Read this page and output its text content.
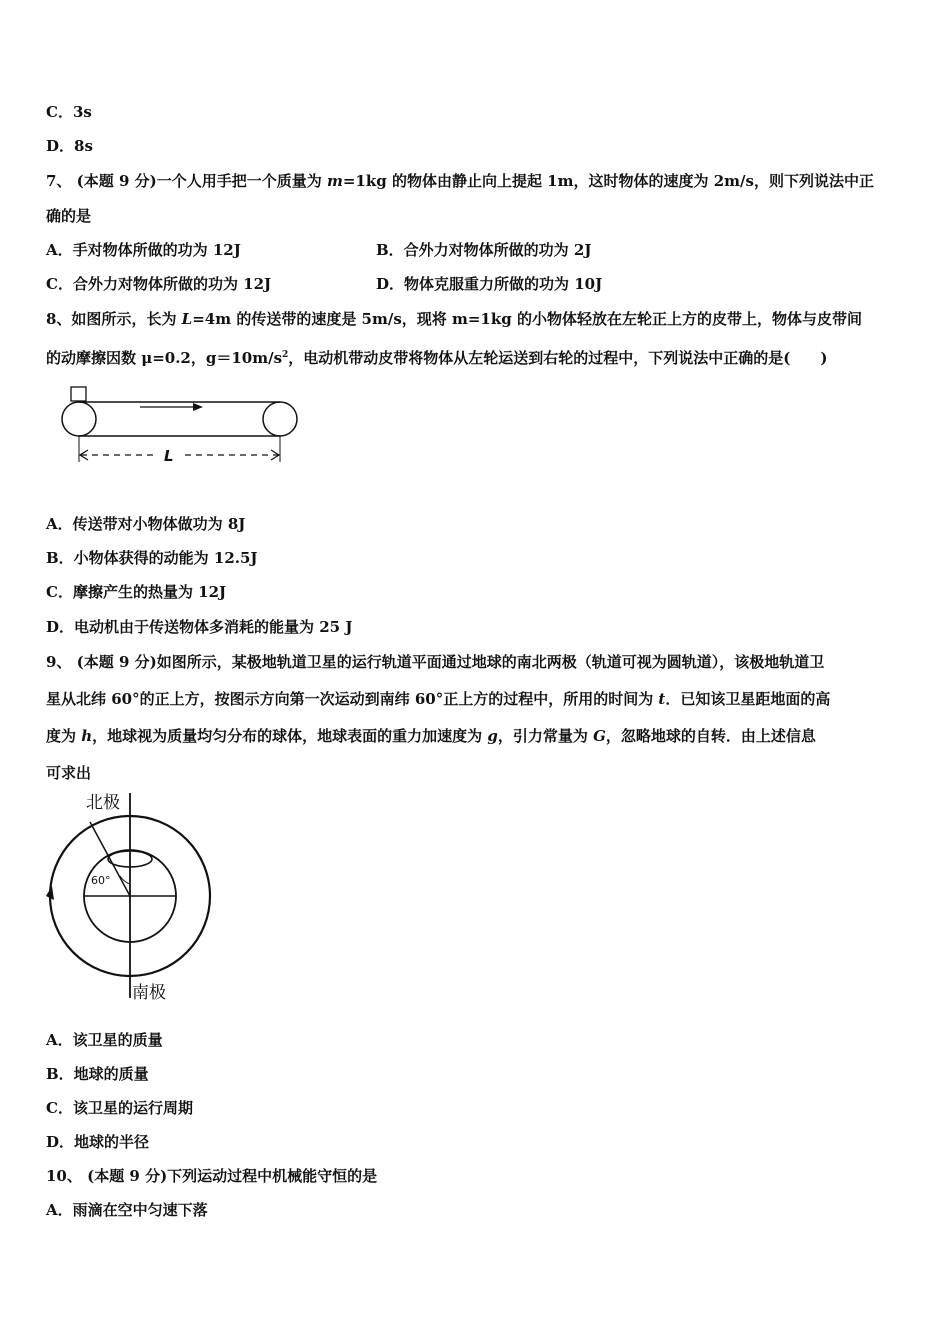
C．3s
D．8s
7、 (本题 9 分)一个人用手把一个质量为 m=1kg 的物体由静止向上提起 1m，这时物体的速度为 2m/s，则下列说法中正
确的是
A．手对物体所做的功为 12J	B．合外力对物体所做的功为 2J
C．合外力对物体所做的功为 12J	D．物体克服重力所做的功为 10J
8、如图所示，长为 L=4m 的传送带的速度是 5m/s，现将 m=1kg 的小物体轻放在左轮正上方的皮带上，物体与皮带间
的动摩擦因数 μ=0.2，$g=10m/s^2$，电动机带动皮带将物体从左轮运送到右轮的过程中，下列说法中正确的是(　　)
L
A．传送带对小物体做功为 8J
B．小物体获得的动能为 12.5J
C．摩擦产生的热量为 12J
D．电动机由于传送物体多消耗的能量为 25 J
9、 (本题 9 分)如图所示，某极地轨道卫星的运行轨道平面通过地球的南北两极（轨道可视为圆轨道），该极地轨道卫
星从北纬 60°的正上方，按图示方向第一次运动到南纬 60°正上方的过程中，所用的时间为 t．已知该卫星距地面的高
度为 h，地球视为质量均匀分布的球体，地球表面的重力加速度为 g，引力常量为 G，忽略地球的自转．由上述信息
可求出
北极
南极
60°
A．该卫星的质量
B．地球的质量
C．该卫星的运行周期
D．地球的半径
10、 (本题 9 分)下列运动过程中机械能守恒的是
A．雨滴在空中匀速下落
